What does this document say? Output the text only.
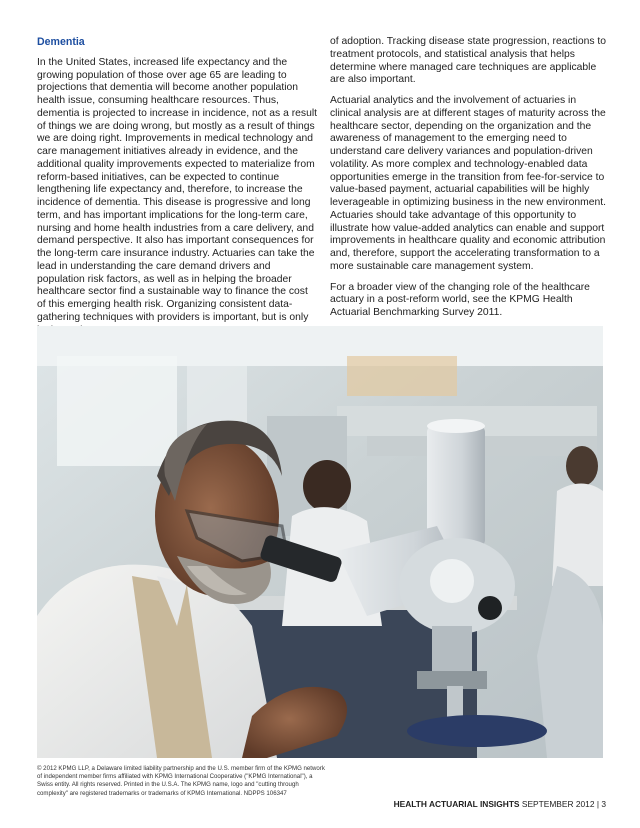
Dementia

In the United States, increased life expectancy and the growing population of those over age 65 are leading to projections that dementia will become another population health issue, consuming healthcare resources. Thus, dementia is projected to increase in incidence, not as a result of things we are doing wrong, but mostly as a result of things we are doing right. Improvements in medical technology and care management initiatives already in evidence, and the additional quality improvements expected to materialize from reform-based initiatives, can be expected to continue lengthening life expectancy and, therefore, to increase the incidence of dementia. This disease is progressive and long term, and has important implications for the long-term care, nursing and home health industries from a care delivery, and demand perspective. It also has important consequences for the long-term care insurance industry. Actuaries can take the lead in understanding the care demand drivers and population risk factors, as well as in helping the broader healthcare sector find a sustainable way to finance the cost of this emerging health risk. Organizing consistent data-gathering techniques with providers is important, but is only

of adoption. Tracking disease state progression, reactions to treatment protocols, and statistical analysis that helps determine where managed care techniques are applicable are also important.

Actuarial analytics and the involvement of actuaries in clinical analysis are at different stages of maturity across the healthcare sector, depending on the organization and the awareness of management to the emerging need to understand care delivery variances and population-driven volatility. As more complex and technology-enabled data opportunities emerge in the transition from fee-for-service to value-based payment, actuarial capabilities will be highly leverageable in optimizing business in the new environment. Actuaries should take advantage of this opportunity to illustrate how value-added analytics can enable and support improvements in healthcare quality and economic attribution and, therefore, support the accelerating transformation to a more sustainable care management system.

For a broader view of the changing role of the healthcare actuary in a post-reform world, see the KPMG Health Actuarial Benchmarking Survey 2011.

© 2012 KPMG LLP, a Delaware limited liability partnership and the U.S. member firm of the KPMG network of independent member firms affiliated with KPMG International Cooperative ("KPMG International"), a Swiss entity. All rights reserved. Printed in the U.S.A. The KPMG name, logo and "cutting through complexity" are registered trademarks or trademarks of KPMG International. NDPPS 106347

HEALTH ACTUARIAL INSIGHTS SEPTEMBER 2012 | 3
